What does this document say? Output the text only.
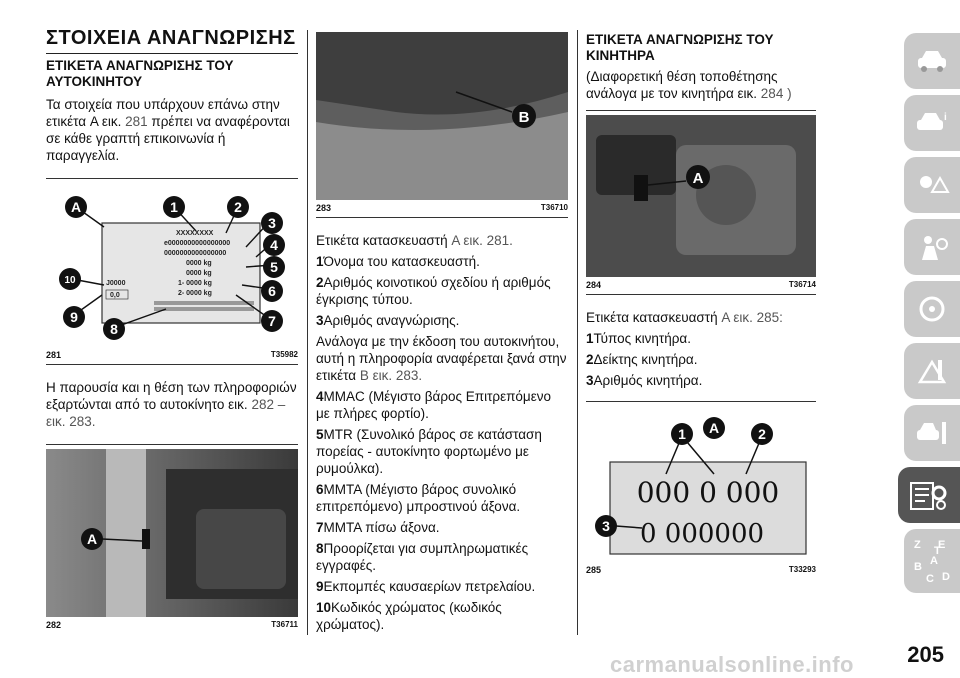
ΣΤΟΙΧΕΙΑ ΑΝΑΓΝΩΡΙΣΗΣ
ΕΤΙΚΕΤΑ ΑΝΑΓΝΩΡΙΣΗΣ ΤΟΥ ΑΥΤΟΚΙΝΗΤΟΥ

Τα στοιχεία που υπάρχουν επάνω στην ετικέτα A εικ. 281 πρέπει να αναφέρονται σε κάθε γραπτή επικοινωνία ή παραγγελία.

XXXXXXXX
e0000000000000000
0000000000000000
0000 kg
0000 kg
1- 0000 kg
2- 0000 kg
J0000
0,0
A	1	2
3
4
5
6
7
8
9
10
281	T35982

Η παρουσία και η θέση των πληροφοριών εξαρτώνται από το αυτοκίνητο εικ. 282 – εικ. 283.

A
282	T36711
B
283	T36710

Ετικέτα κατασκευαστή A εικ. 281.

1Όνομα του κατασκευαστή.

2Αριθμός κοινοτικού σχεδίου ή αριθμός έγκρισης τύπου.

3Αριθμός αναγνώρισης.

Ανάλογα με την έκδοση του αυτοκινήτου, αυτή η πληροφορία αναφέρεται ξανά στην ετικέτα B εικ. 283.

4MMAC (Μέγιστο βάρος Επιτρεπόμενο με πλήρες φορτίο).

5MTR (Συνολικό βάρος σε κατάσταση πορείας - αυτοκίνητο φορτωμένο με ρυμούλκα).

6MMTA (Μέγιστο βάρος συνολικό επιτρεπόμενο) μπροστινού άξονα.

7MMTA πίσω άξονα.

8Προορίζεται για συμπληρωματικές εγγραφές.

9Εκπομπές καυσαερίων πετρελαίου.

10Κωδικός χρώματος (κωδικός χρώματος).

ΕΤΙΚΕΤΑ ΑΝΑΓΝΩΡΙΣΗΣ ΤΟΥ ΚΙΝΗΤΗΡΑ

(Διαφορετική θέση τοποθέτησης ανάλογα με τον κινητήρα εικ. 284 )

A
284	T36714

Ετικέτα κατασκευαστή A εικ. 285:

1Τύπος κινητήρα.

2Δείκτης κινητήρα.

3Αριθμός κινητήρα.

000 0 000
0 000000
1 A	2
3
285	T33293
i
Z E
B A
C D
T
205
carmanualsonline.info
